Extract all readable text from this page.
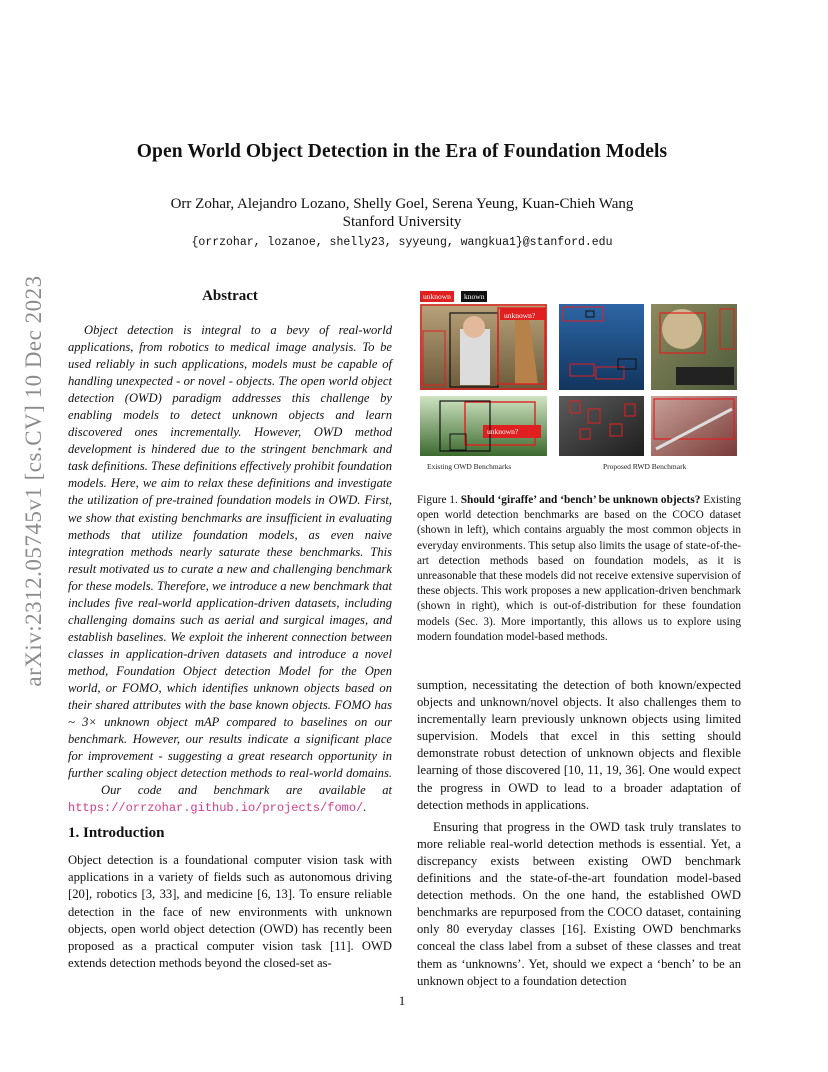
Open World Object Detection in the Era of Foundation Models
Orr Zohar, Alejandro Lozano, Shelly Goel, Serena Yeung, Kuan-Chieh Wang
Stanford University
{orrzohar, lozanoe, shelly23, syyeung, wangkua1}@stanford.edu
arXiv:2312.05745v1 [cs.CV] 10 Dec 2023	Abstract
Object detection is integral to a bevy of real-world applications, from robotics to medical image analysis. To be used reliably in such applications, models must be capable of handling unexpected - or novel - objects. The open world object detection (OWD) paradigm addresses this challenge by enabling models to detect unknown objects and learn discovered ones incrementally. However, OWD method development is hindered due to the stringent benchmark and task definitions. These definitions effectively prohibit foundation models. Here, we aim to relax these definitions and investigate the utilization of pre-trained foundation models in OWD. First, we show that existing benchmarks are insufficient in evaluating methods that utilize foundation models, as even naive integration methods nearly saturate these benchmarks. This result motivated us to curate a new and challenging benchmark for these models. Therefore, we introduce a new benchmark that includes five real-world application-driven datasets, including challenging domains such as aerial and surgical images, and establish baselines. We exploit the inherent connection between classes in application-driven datasets and introduce a novel method, Foundation Object detection Model for the Open world, or FOMO, which identifies unknown objects based on their shared attributes with the base known objects. FOMO has ~ 3× unknown object mAP compared to baselines on our benchmark. However, our results indicate a significant place for improvement - suggesting a great research opportunity in further scaling object detection methods to real-world domains.   Our code and benchmark are available at https://orrzohar.github.io/projects/fomo/.
1. Introduction
Object detection is a foundational computer vision task with applications in a variety of fields such as autonomous driving [20], robotics [3, 33], and medicine [6, 13]. To ensure reliable detection in the face of new environments with unknown objects, open world object detection (OWD) has recently been proposed as a practical computer vision task [11]. OWD extends detection methods beyond the closed-set as-
unknown	known
unknown?
unknown?
Existing OWD Benchmarks	Proposed RWD Benchmark
Figure 1. Should ‘giraffe’ and ‘bench’ be unknown objects? Existing open world detection benchmarks are based on the COCO dataset (shown in left), which contains arguably the most common objects in everyday environments. This setup also limits the usage of state-of-the-art detection methods based on foundation models, as it is unreasonable that these models did not receive extensive supervision of these objects. This work proposes a new application-driven benchmark (shown in right), which is out-of-distribution for these foundation models (Sec. 3). More importantly, this allows us to explore using modern foundation model-based methods.

sumption, necessitating the detection of both known/expected objects and unknown/novel objects. It also challenges them to incrementally learn previously unknown objects using limited supervision. Models that excel in this setting should demonstrate robust detection of unknown objects and flexible learning of those discovered [10, 11, 19, 36]. One would expect the progress in OWD to lead to a broader adaptation of detection methods in applications.

Ensuring that progress in the OWD task truly translates to more reliable real-world detection methods is essential. Yet, a discrepancy exists between existing OWD benchmark definitions and the state-of-the-art foundation model-based detection methods. On the one hand, the established OWD benchmarks are repurposed from the COCO dataset, containing only 80 everyday classes [16]. Existing OWD benchmarks conceal the class label from a subset of these classes and treat them as ‘unknowns’. Yet, should we expect a ‘bench’ to be an unknown object to a foundation detection

1
